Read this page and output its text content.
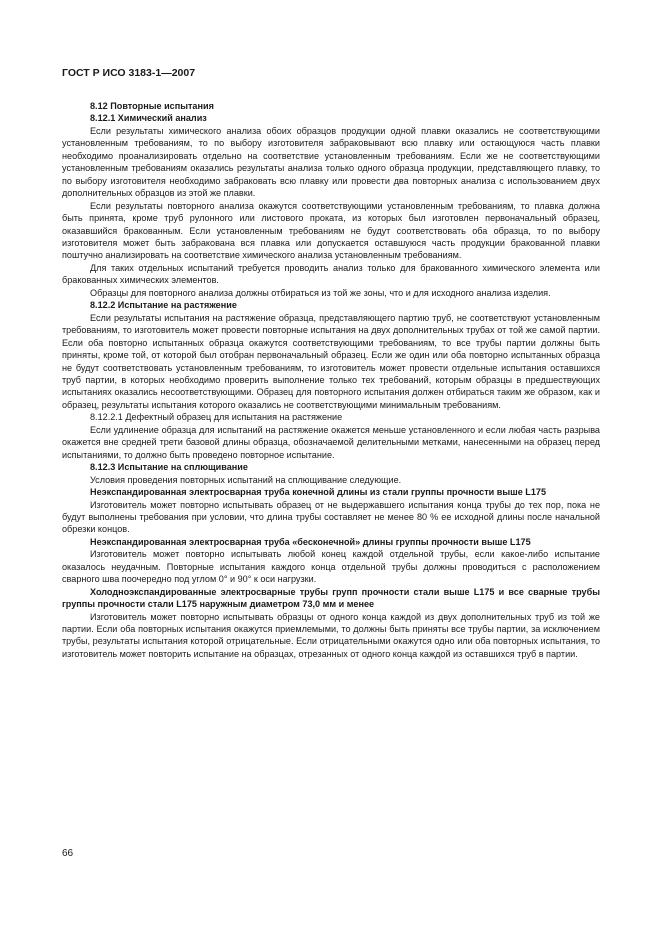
ГОСТ Р ИСО 3183-1—2007

8.12 Повторные испытания

8.12.1 Химический анализ

Если результаты химического анализа обоих образцов продукции одной плавки оказались не соответствующими установленным требованиям, то по выбору изготовителя забраковывают всю плавку или остающуюся часть плавки необходимо проанализировать отдельно на соответствие установленным требованиям. Если же не соответствующими установленным требованиям оказались результаты анализа только одного образца продукции, представляющего плавку, то по выбору изготовителя необходимо забраковать всю плавку или провести два повторных анализа с использованием двух дополнительных образцов из этой же плавки.

Если результаты повторного анализа окажутся соответствующими установленным требованиям, то плавка должна быть принята, кроме труб рулонного или листового проката, из которых был изготовлен первоначальный образец, оказавшийся бракованным. Если установленным требованиям не будут соответствовать оба образца, то по выбору изготовителя может быть забракована вся плавка или допускается оставшуюся часть продукции бракованной плавки поштучно анализировать на соответствие химического анализа установленным требованиям.

Для таких отдельных испытаний требуется проводить анализ только для бракованного химического элемента или бракованных химических элементов.

Образцы для повторного анализа должны отбираться из той же зоны, что и для исходного анализа изделия.

8.12.2 Испытание на растяжение

Если результаты испытания на растяжение образца, представляющего партию труб, не соответствуют установленным требованиям, то изготовитель может провести повторные испытания на двух дополнительных трубах от той же самой партии. Если оба повторно испытанных образца окажутся соответствующими требованиям, то все трубы партии должны быть приняты, кроме той, от которой был отобран первоначальный образец. Если же один или оба повторно испытанных образца не будут соответствовать установленным требованиям, то изготовитель может провести отдельные испытания оставшихся труб партии, в которых необходимо проверить выполнение только тех требований, которым образцы в предшествующих испытаниях оказались несоответствующими. Образец для повторного испытания должен отбираться таким же образом, как и образец, результаты испытания которого оказались не соответствующими минимальным требованиям.

8.12.2.1 Дефектный образец для испытания на растяжение

Если удлинение образца для испытаний на растяжение окажется меньше установленного и если любая часть разрыва окажется вне средней трети базовой длины образца, обозначаемой делительными метками, нанесенными на образец перед испытаниями, то должно быть проведено повторное испытание.

8.12.3 Испытание на сплющивание

Условия проведения повторных испытаний на сплющивание следующие.

Неэкспандированная электросварная труба конечной длины из стали группы прочности выше L175

Изготовитель может повторно испытывать образец от не выдержавшего испытания конца трубы до тех пор, пока не будут выполнены требования при условии, что длина трубы составляет не менее 80 % ее исходной длины после начальной обрезки концов.

Неэкспандированная электросварная труба «бесконечной» длины группы прочности выше L175

Изготовитель может повторно испытывать любой конец каждой отдельной трубы, если какое-либо испытание оказалось неудачным. Повторные испытания каждого конца отдельной трубы должны проводиться с расположением сварного шва поочередно под углом 0° и 90° к оси нагрузки.

Холодноэкспандированные электросварные трубы групп прочности стали выше L175 и все сварные трубы группы прочности стали L175 наружным диаметром 73,0 мм и менее

Изготовитель может повторно испытывать образцы от одного конца каждой из двух дополнительных труб из той же партии. Если оба повторных испытания окажутся приемлемыми, то должны быть приняты все трубы партии, за исключением трубы, результаты испытания которой отрицательные. Если отрицательными окажутся одно или оба повторных испытания, то изготовитель может повторить испытание на образцах, отрезанных от одного конца каждой из оставшихся труб в партии.

66
